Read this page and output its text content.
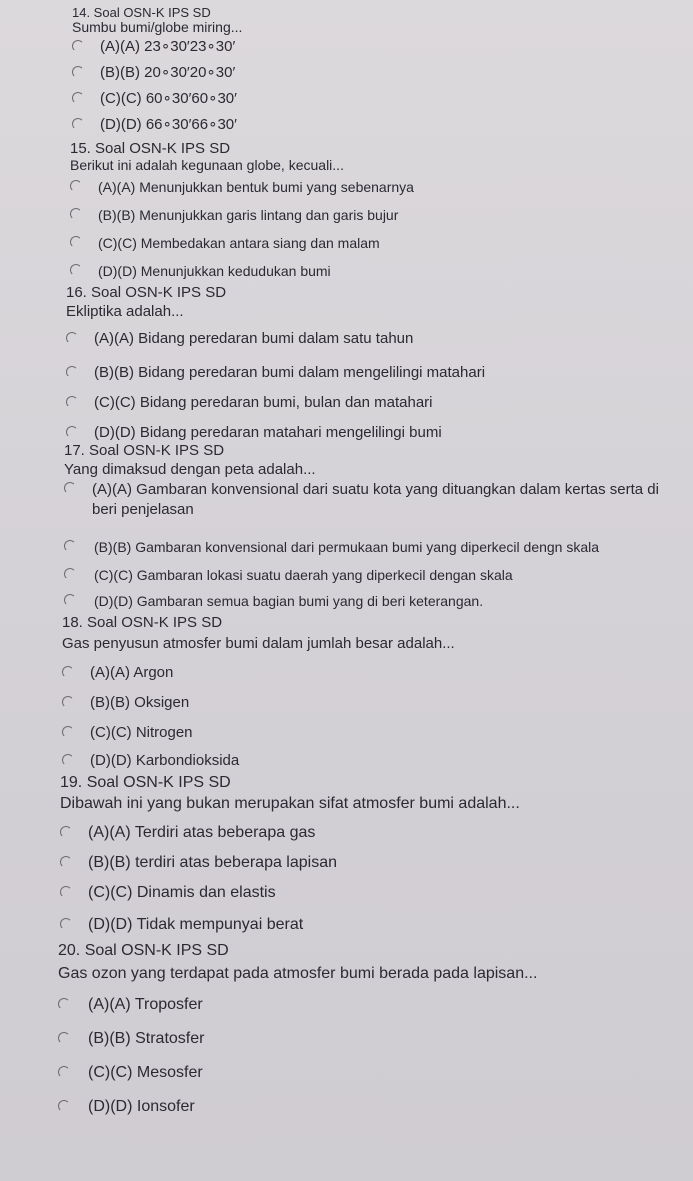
14. Soal OSN-K IPS SD
Sumbu bumi/globe miring...
(A)(A) 23∘30′23∘30′
(B)(B) 20∘30′20∘30′
(C)(C) 60∘30′60∘30′
(D)(D) 66∘30′66∘30′
15. Soal OSN-K IPS SD
Berikut ini adalah kegunaan globe, kecuali...
(A)(A) Menunjukkan bentuk bumi yang sebenarnya
(B)(B) Menunjukkan garis lintang dan garis bujur
(C)(C) Membedakan antara siang dan malam
(D)(D) Menunjukkan kedudukan bumi
16. Soal OSN-K IPS SD
Ekliptika adalah...
(A)(A) Bidang peredaran bumi dalam satu tahun
(B)(B) Bidang peredaran bumi dalam mengelilingi matahari
(C)(C) Bidang peredaran bumi, bulan dan matahari
(D)(D) Bidang peredaran matahari mengelilingi bumi
17. Soal OSN-K IPS SD
Yang dimaksud dengan peta adalah...
(A)(A) Gambaran konvensional dari suatu kota yang dituangkan dalam kertas serta di beri penjelasan
(B)(B) Gambaran konvensional dari permukaan bumi yang diperkecil dengn skala
(C)(C) Gambaran lokasi suatu daerah yang diperkecil dengan skala
(D)(D) Gambaran semua bagian bumi yang di beri keterangan.
18. Soal OSN-K IPS SD
Gas penyusun atmosfer bumi dalam jumlah besar adalah...
(A)(A) Argon
(B)(B) Oksigen
(C)(C) Nitrogen
(D)(D) Karbondioksida
19. Soal OSN-K IPS SD
Dibawah ini yang bukan merupakan sifat atmosfer bumi adalah...
(A)(A) Terdiri atas beberapa gas
(B)(B) terdiri atas beberapa lapisan
(C)(C) Dinamis dan elastis
(D)(D) Tidak mempunyai berat
20. Soal OSN-K IPS SD
Gas ozon yang terdapat pada atmosfer bumi berada pada lapisan...
(A)(A) Troposfer
(B)(B) Stratosfer
(C)(C) Mesosfer
(D)(D) Ionsofer
